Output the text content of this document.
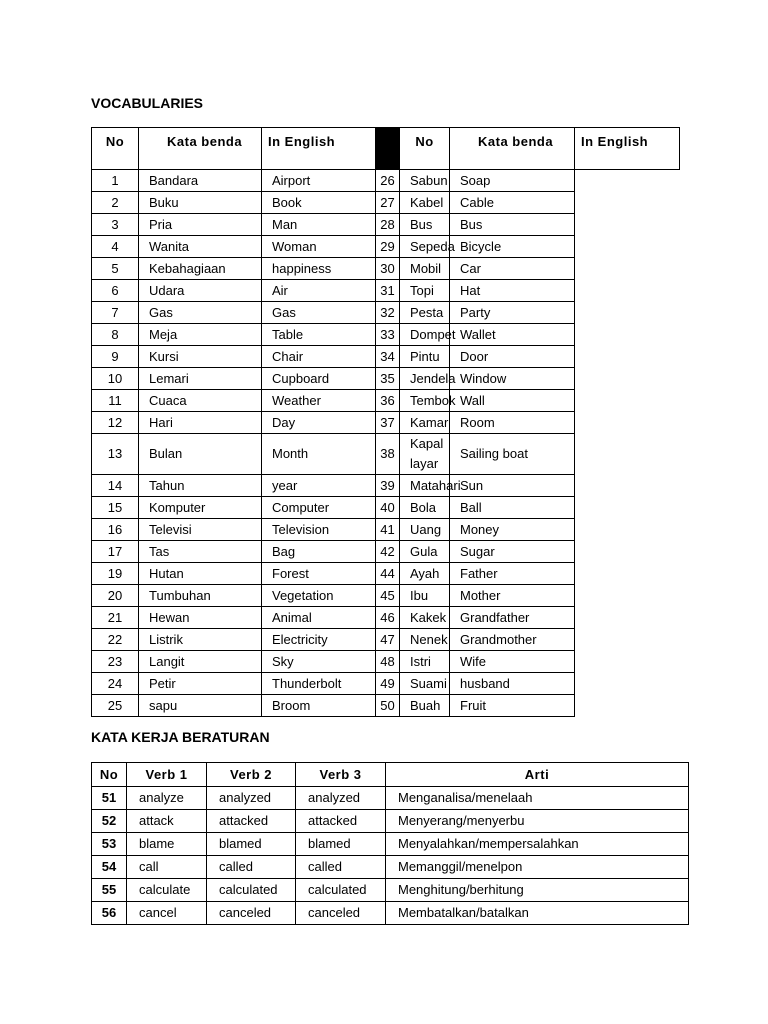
VOCABULARIES
No	Kata benda	In English		No	Kata benda	In English
1	Bandara	Airport	26	Sabun	Soap	
2	Buku	Book	27	Kabel	Cable	
3	Pria	Man	28	Bus	Bus	
4	Wanita	Woman	29	Sepeda	Bicycle	
5	Kebahagiaan	happiness	30	Mobil	Car	
6	Udara	Air	31	Topi	Hat	
7	Gas	Gas	32	Pesta	Party	
8	Meja	Table	33	Dompet	Wallet	
9	Kursi	Chair	34	Pintu	Door	
10	Lemari	Cupboard	35	Jendela	Window	
11	Cuaca	Weather	36	Tembok	Wall	
12	Hari	Day	37	Kamar	Room	
13	Bulan	Month	38	Kapal layar	Sailing boat	
14	Tahun	year	39	Matahari	Sun	
15	Komputer	Computer	40	Bola	Ball	
16	Televisi	Television	41	Uang	Money	
17	Tas	Bag	42	Gula	Sugar	
19	Hutan	Forest	44	Ayah	Father	
20	Tumbuhan	Vegetation	45	Ibu	Mother	
21	Hewan	Animal	46	Kakek	Grandfather	
22	Listrik	Electricity	47	Nenek	Grandmother	
23	Langit	Sky	48	Istri	Wife	
24	Petir	Thunderbolt	49	Suami	husband	
25	sapu	Broom	50	Buah	Fruit	
KATA KERJA BERATURAN
No	Verb 1	Verb 2	Verb 3	Arti
51	analyze	analyzed	analyzed	Menganalisa/menelaah
52	attack	attacked	attacked	Menyerang/menyerbu
53	blame	blamed	blamed	Menyalahkan/mempersalahkan
54	call	called	called	Memanggil/menelpon
55	calculate	calculated	calculated	Menghitung/berhitung
56	cancel	canceled	canceled	Membatalkan/batalkan
